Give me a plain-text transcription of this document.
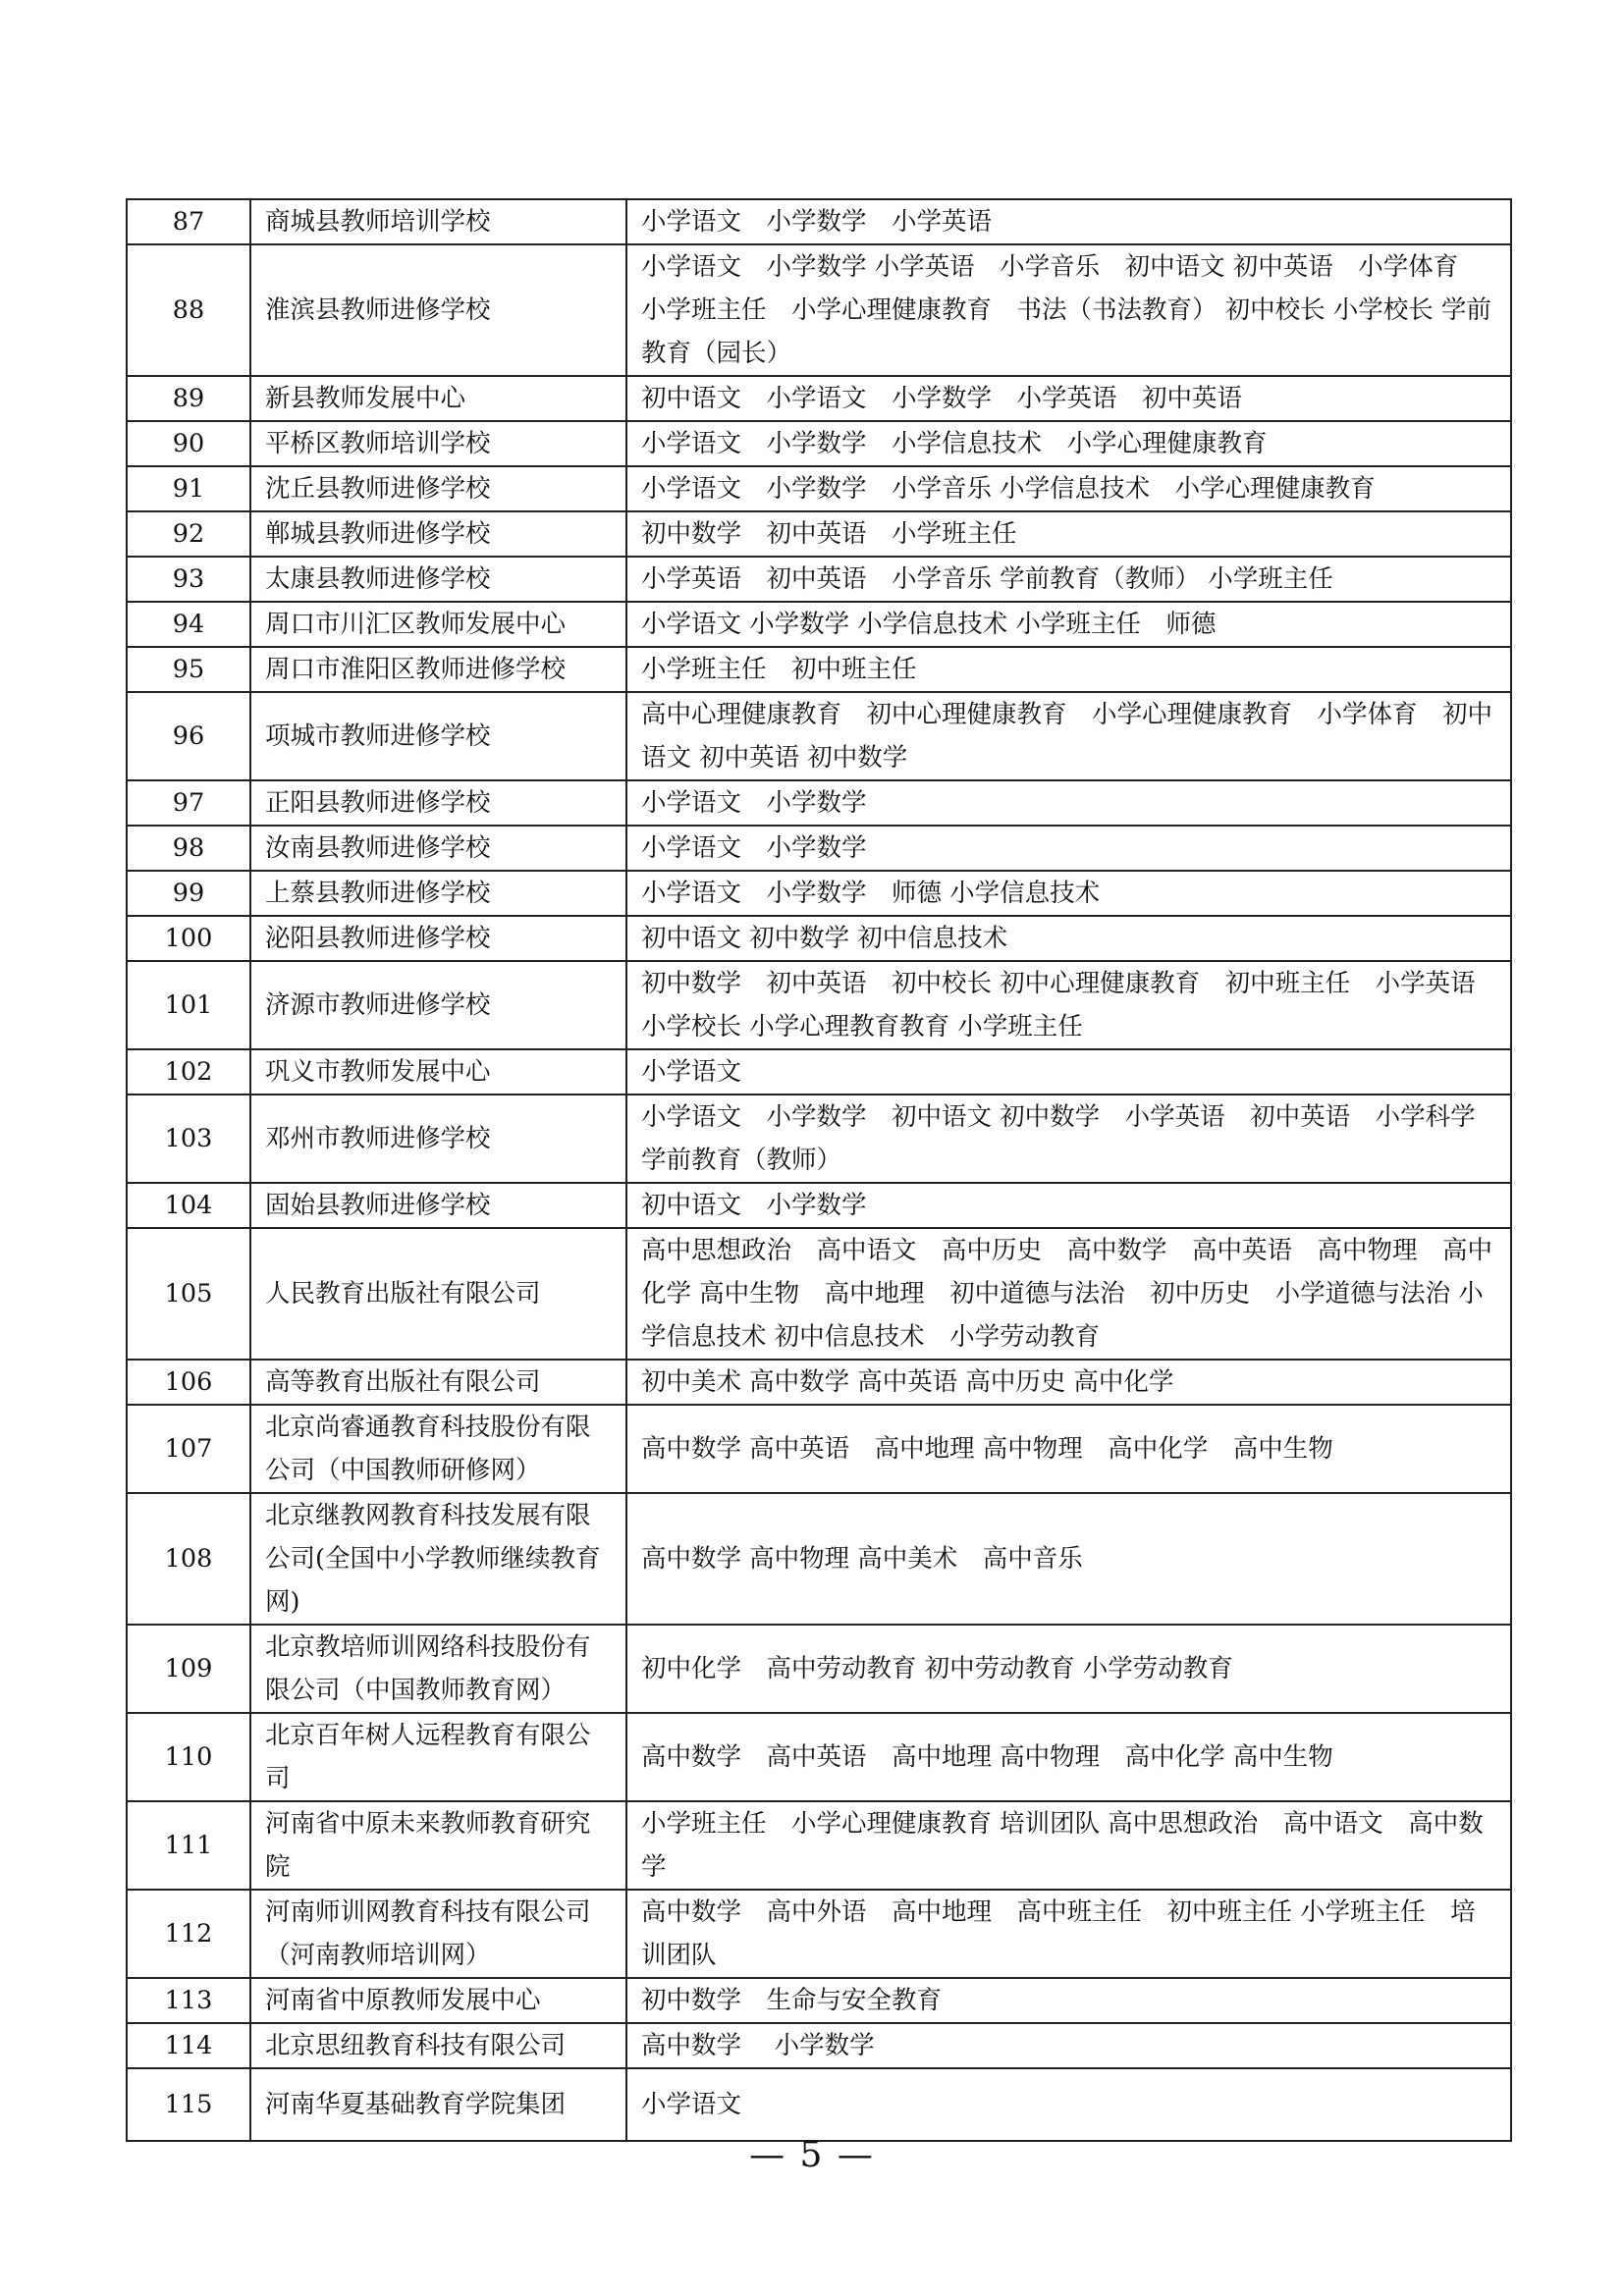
87	商城县教师培训学校	小学语文　小学数学　小学英语
88	淮滨县教师进修学校	小学语文　小学数学 小学英语　小学音乐　初中语文 初中英语　小学体育　小学班主任　小学心理健康教育　书法（书法教育） 初中校长 小学校长 学前教育（园长）
89	新县教师发展中心	初中语文　小学语文　小学数学　小学英语　初中英语
90	平桥区教师培训学校	小学语文　小学数学　小学信息技术　小学心理健康教育
91	沈丘县教师进修学校	小学语文　小学数学　小学音乐 小学信息技术　小学心理健康教育
92	郸城县教师进修学校	初中数学　初中英语　小学班主任
93	太康县教师进修学校	小学英语　初中英语　小学音乐 学前教育（教师） 小学班主任
94	周口市川汇区教师发展中心	小学语文 小学数学 小学信息技术 小学班主任　师德
95	周口市淮阳区教师进修学校	小学班主任　初中班主任
96	项城市教师进修学校	高中心理健康教育　初中心理健康教育　小学心理健康教育　小学体育　初中语文 初中英语 初中数学
97	正阳县教师进修学校	小学语文　小学数学
98	汝南县教师进修学校	小学语文　小学数学
99	上蔡县教师进修学校	小学语文　小学数学　师德 小学信息技术
100	泌阳县教师进修学校	初中语文 初中数学 初中信息技术
101	济源市教师进修学校	初中数学　初中英语　初中校长 初中心理健康教育　初中班主任　小学英语 小学校长 小学心理教育教育 小学班主任
102	巩义市教师发展中心	小学语文
103	邓州市教师进修学校	小学语文　小学数学　初中语文 初中数学　小学英语　初中英语　小学科学 学前教育（教师）
104	固始县教师进修学校	初中语文　小学数学
105	人民教育出版社有限公司	高中思想政治　高中语文　高中历史　高中数学　高中英语　高中物理　高中化学 高中生物　高中地理　初中道德与法治　初中历史　小学道德与法治 小学信息技术 初中信息技术　小学劳动教育
106	高等教育出版社有限公司	初中美术 高中数学 高中英语 高中历史 高中化学
107	北京尚睿通教育科技股份有限公司（中国教师研修网）	高中数学 高中英语　高中地理 高中物理　高中化学　高中生物
108	北京继教网教育科技发展有限公司(全国中小学教师继续教育网)	高中数学 高中物理 高中美术　高中音乐
109	北京教培师训网络科技股份有限公司（中国教师教育网）	初中化学　高中劳动教育 初中劳动教育 小学劳动教育
110	北京百年树人远程教育有限公司	高中数学　高中英语　高中地理 高中物理　高中化学 高中生物
111	河南省中原未来教师教育研究院	小学班主任　小学心理健康教育 培训团队 高中思想政治　高中语文　高中数学
112	河南师训网教育科技有限公司（河南教师培训网）	高中数学　高中外语　高中地理　高中班主任　初中班主任 小学班主任　培训团队
113	河南省中原教师发展中心	初中数学　生命与安全教育
114	北京思纽教育科技有限公司	高中数学　 小学数学
115	河南华夏基础教育学院集团	小学语文
— 5 —
